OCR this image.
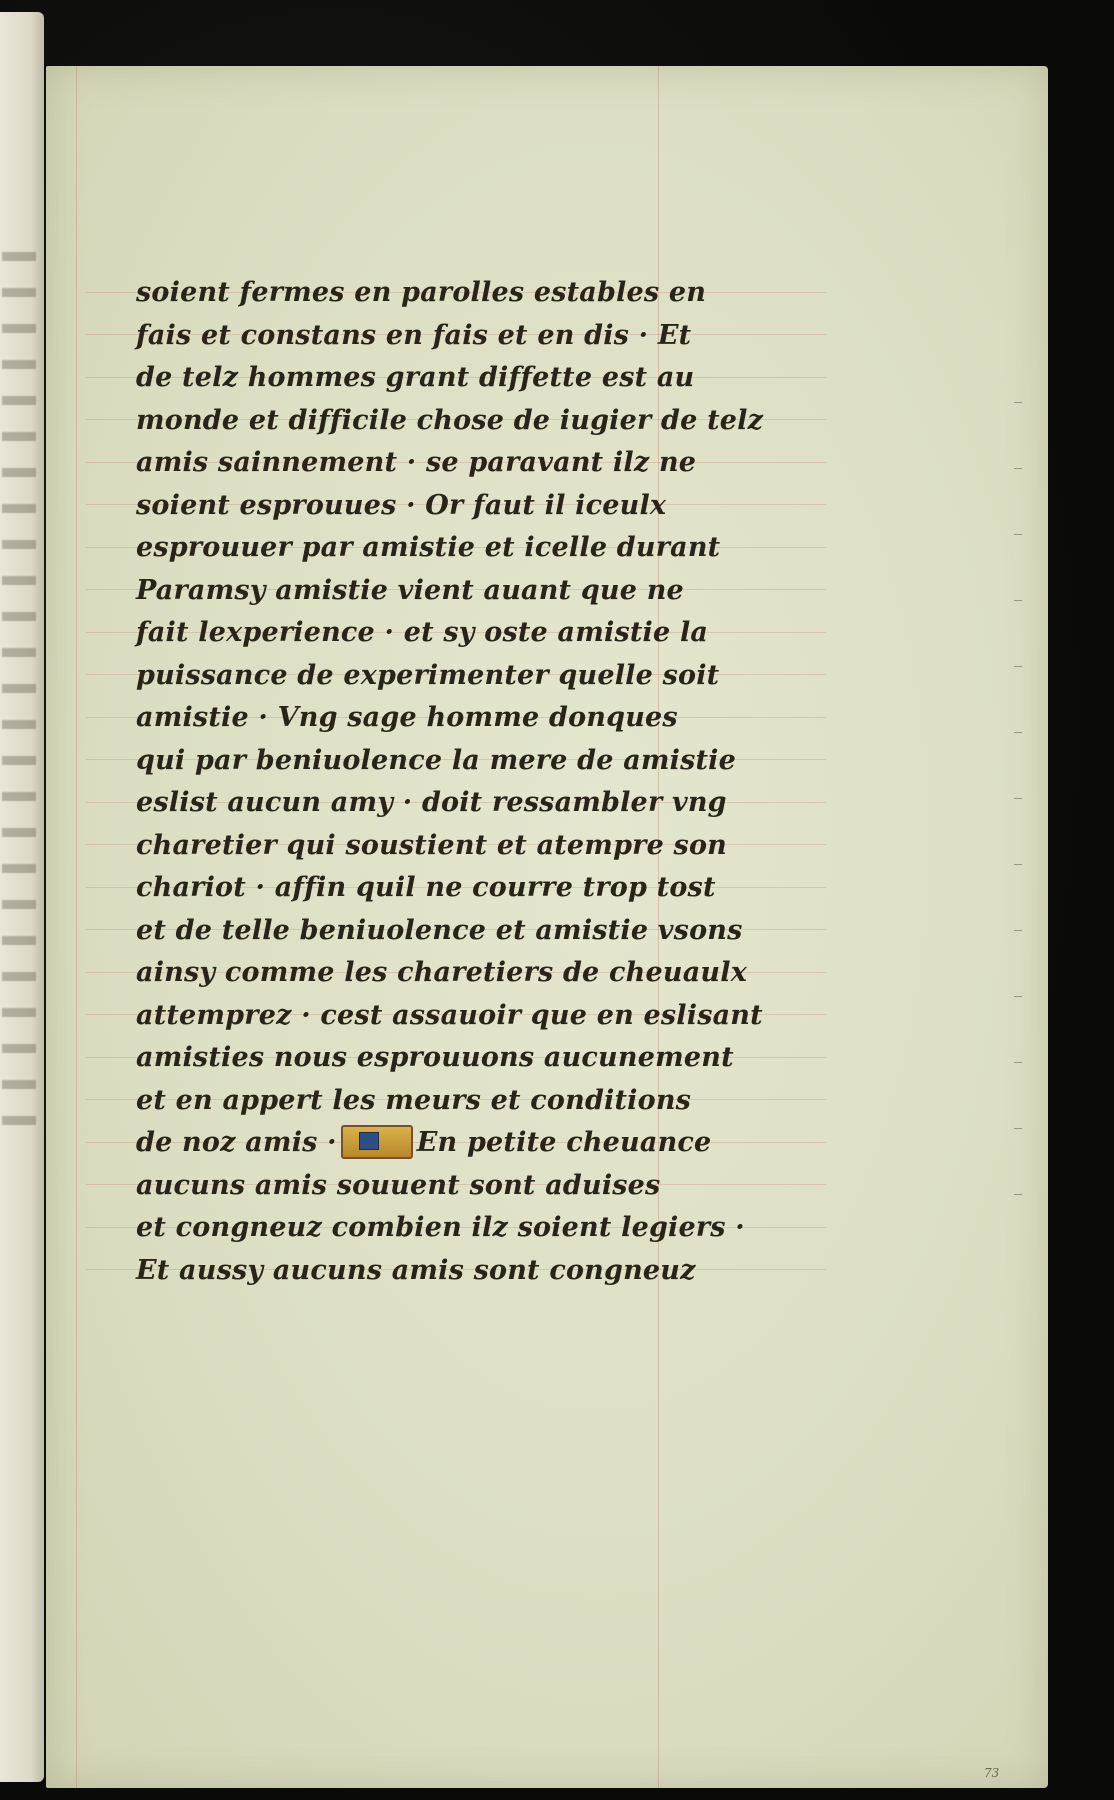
soient fermes en parolles estables en
fais et constans en fais et en dis · Et
de telz hommes grant diffette est au
monde et difficile chose de iugier de telz
amis sainnement · se paravant ilz ne
soient esprouues · Or faut il iceulx
esprouuer par amistie et icelle durant
Paramsy amistie vient auant que ne
fait lexperience · et sy oste amistie la
puissance de experimenter quelle soit
amistie · Vng sage homme donques
qui par beniuolence la mere de amistie
eslist aucun amy · doit ressambler vng
charetier qui soustient et atempre son
chariot · affin quil ne courre trop tost
et de telle beniuolence et amistie vsons
ainsy comme les charetiers de cheuaulx
attemprez · cest assauoir que en eslisant
amisties nous esprouuons aucunement
et en appert les meurs et conditions
de noz amis ·	En petite cheuance
aucuns amis souuent sont aduises
et congneuz combien ilz soient legiers ·
Et aussy aucuns amis sont congneuz
73
